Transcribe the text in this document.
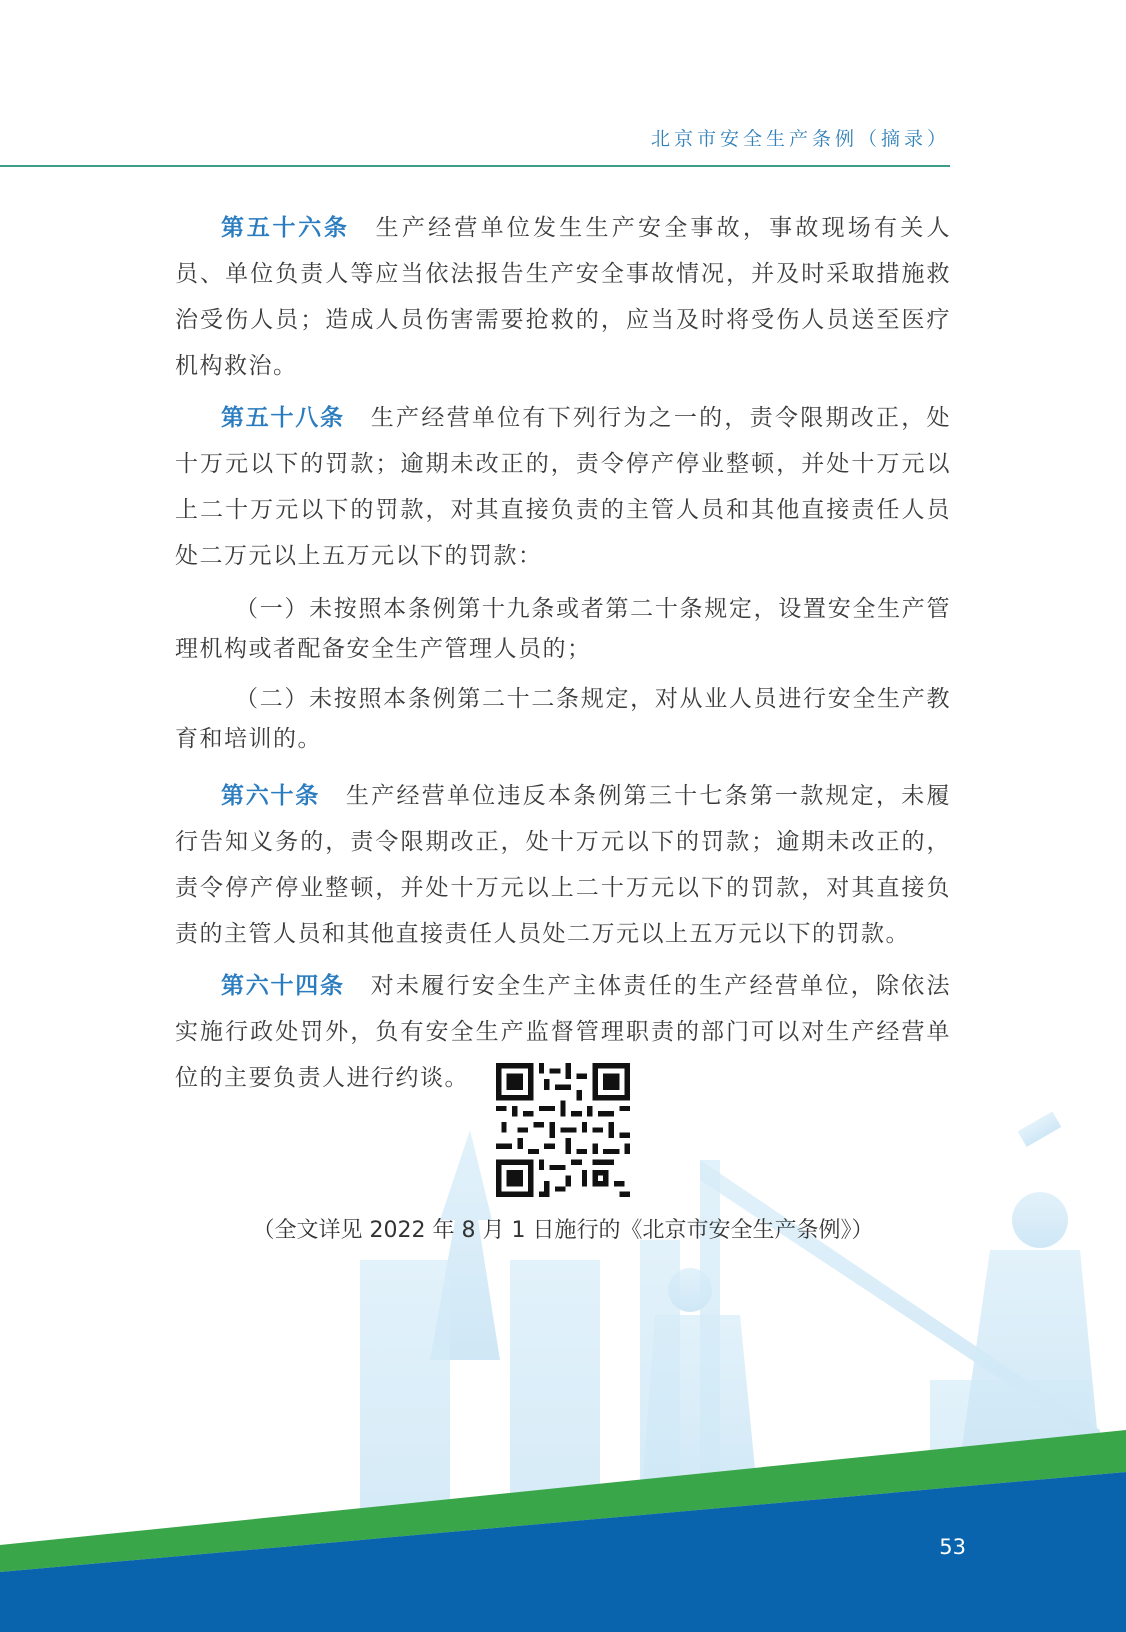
北京市安全生产条例（摘录）

第五十六条 生产经营单位发生生产安全事故，事故现场有关人员、单位负责人等应当依法报告生产安全事故情况，并及时采取措施救治受伤人员；造成人员伤害需要抢救的，应当及时将受伤人员送至医疗机构救治。

第五十八条 生产经营单位有下列行为之一的，责令限期改正，处十万元以下的罚款；逾期未改正的，责令停产停业整顿，并处十万元以上二十万元以下的罚款，对其直接负责的主管人员和其他直接责任人员处二万元以上五万元以下的罚款：

（一）未按照本条例第十九条或者第二十条规定，设置安全生产管理机构或者配备安全生产管理人员的；

（二）未按照本条例第二十二条规定，对从业人员进行安全生产教育和培训的。

第六十条 生产经营单位违反本条例第三十七条第一款规定，未履行告知义务的，责令限期改正，处十万元以下的罚款；逾期未改正的，责令停产停业整顿，并处十万元以上二十万元以下的罚款，对其直接负责的主管人员和其他直接责任人员处二万元以上五万元以下的罚款。

第六十四条 对未履行安全生产主体责任的生产经营单位，除依法实施行政处罚外，负有安全生产监督管理职责的部门可以对生产经营单位的主要负责人进行约谈。

（全文详见 2022 年 8 月 1 日施行的《北京市安全生产条例》）
53
